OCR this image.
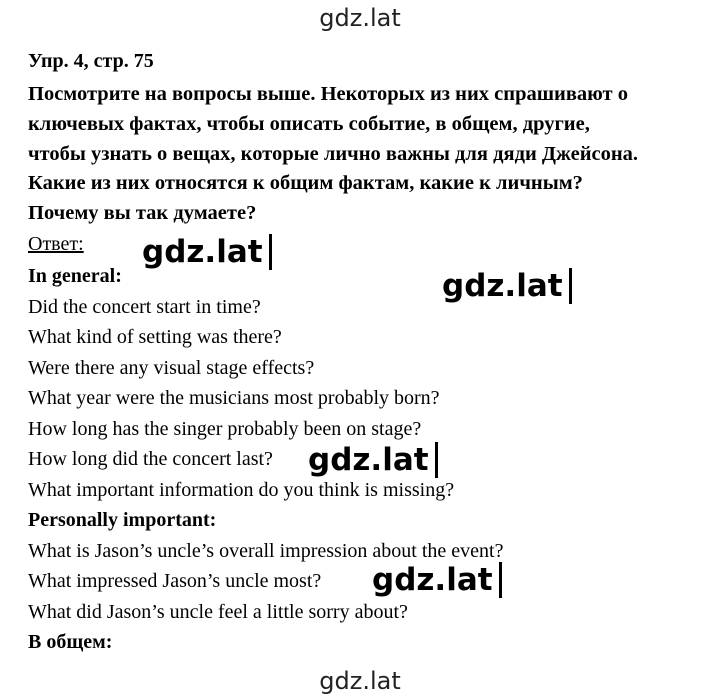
gdz.lat
Упр. 4, стр. 75
Посмотрите на вопросы выше. Некоторых из них спрашивают о
ключевых фактах, чтобы описать событие, в общем, другие,
чтобы узнать о вещах, которые лично важны для дяди Джейсона.
Какие из них относятся к общим фактам, какие к личным?
Почему вы так думаете?
Ответ:
In general:
Did the concert start in time?
What kind of setting was there?
Were there any visual stage effects?
What year were the musicians most probably born?
How long has the singer probably been on stage?
How long did the concert last?
What important information do you think is missing?
Personally important:
What is Jason’s uncle’s overall impression about the event?
What impressed Jason’s uncle most?
What did Jason’s uncle feel a little sorry about?
В общем:
gdz.lat
gdz.lat
gdz.lat
gdz.lat
gdz.lat
